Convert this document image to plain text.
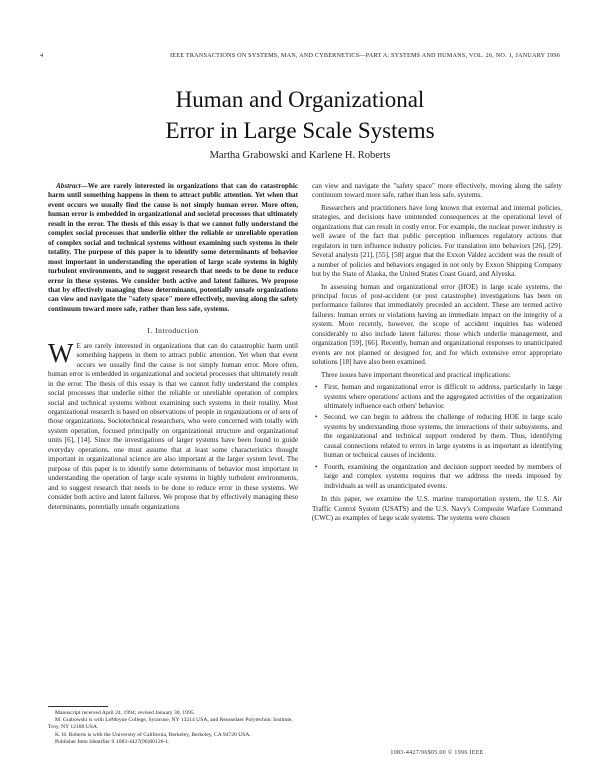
4	IEEE TRANSACTIONS ON SYSTEMS, MAN, AND CYBERNETICS—PART A: SYSTEMS AND HUMANS, VOL. 26, NO. 1, JANUARY 1996
Human and Organizational
Error in Large Scale Systems
Martha Grabowski and Karlene H. Roberts

Abstract—We are rarely interested in organizations that can do catastrophic harm until something happens in them to attract public attention. Yet when that event occurs we usually find the cause is not simply human error. More often, human error is embedded in organizational and societal processes that ultimately result in the error. The thesis of this essay is that we cannot fully understand the complex social processes that underlie either the reliable or unreliable operation of complex social and technical systems without examining such systems in their totality. The purpose of this paper is to identify some determinants of behavior most important in understanding the operation of large scale systems in highly turbulent environments, and to suggest research that needs to be done to reduce error in these systems. We consider both active and latent failures. We propose that by effectively managing these determinants, potentially unsafe organizations can view and navigate the "safety space" more effectively, moving along the safety continuum toward more safe, rather than less safe, systems.

I. Introduction

W E are rarely interested in organizations that can do catastrophic harm until something happens in them to attract public attention. Yet when that event occurs we usually find the cause is not simply human error. More often, human error is embedded in organizational and societal processes that ultimately result in the error. The thesis of this essay is that we cannot fully understand the complex social processes that underlie either the reliable or unreliable operation of complex social and technical systems without examining such systems in their totality. Most organizational research is based on observations of people in organizations or of sets of those organizations. Sociotechnical researchers, who were concerned with totally with system operation, focused principally on organizational structure and organizational units [6], [14]. Since the investigations of larger systems have been found to guide everyday operations, one must assume that at least some characteristics thought important in organizational science are also important at the larger system level. The purpose of this paper is to identify some determinants of behavior most important in understanding the operation of large scale systems in highly turbulent environments, and to suggest research that needs to be done to reduce error in these systems. We consider both active and latent failures. We propose that by effectively managing these determinants, potentially unsafe organizations

can view and navigate the "safety space" more effectively, moving along the safety continuum toward more safe, rather than less safe, systems.

Researchers and practitioners have long known that external and internal policies, strategies, and decisions have unintended consequences at the operational level of organizations that can result in costly error. For example, the nuclear power industry is well aware of the fact that public perception influences regulatory actions that regulators in turn influence industry policies. For translation into behaviors [26], [29]. Several analysts [21], [55], [58] argue that the Exxon Valdez accident was the result of a number of policies and behaviors engaged in not only by Exxon Shipping Company but by the State of Alaska, the United States Coast Guard, and Alyeska.

In assessing human and organizational error (HOE) in large scale systems, the principal focus of post-accident (or post catastrophe) investigations has been on performance failures that immediately preceded an accident. These are termed active failures: human errors or violations having an immediate impact on the integrity of a system. More recently, however, the scope of accident inquiries has widened considerably to also include latent failures: those which underlie management, and organization [59], [66]. Recently, human and organizational responses to unanticipated events are not planned or designed for, and for which extensive error appropriate solutions [18] have also been examined.

Three issues have important theoretical and practical implications:

• First, human and organizational error is difficult to address, particularly in large systems where operations' actions and the aggregated activities of the organization ultimately influence each others' behavior.
• Second, we can begin to address the challenge of reducing HOE in large scale systems by understanding those systems, the interactions of their subsystems, and the organizational and technical support rendered by them. Thus, identifying causal connections related to errors in large systems is as important as identifying human or technical causes of incidents.
• Fourth, examining the organization and decision support needed by members of large and complex systems requires that we address the needs imposed by individuals as well as unanticipated events.

In this paper, we examine the U.S. marine transportation system, the U.S. Air Traffic Control System (USATS) and the U.S. Navy's Composite Warfare Command (CWC) as examples of large scale systems. The systems were chosen

Manuscript received April 24, 1994; revised January 30, 1995.

M. Grabowski is with LeMoyne College, Syracuse, NY 13214 USA, and Rensselaer Polytechnic Institute, Troy, NY 12180 USA.

K. H. Roberts is with the University of California, Berkeley, Berkeley, CA 94720 USA.

Publisher Item Identifier S 1083-4427(96)00126-1.

1083-4427/96$05.00 © 1996 IEEE
